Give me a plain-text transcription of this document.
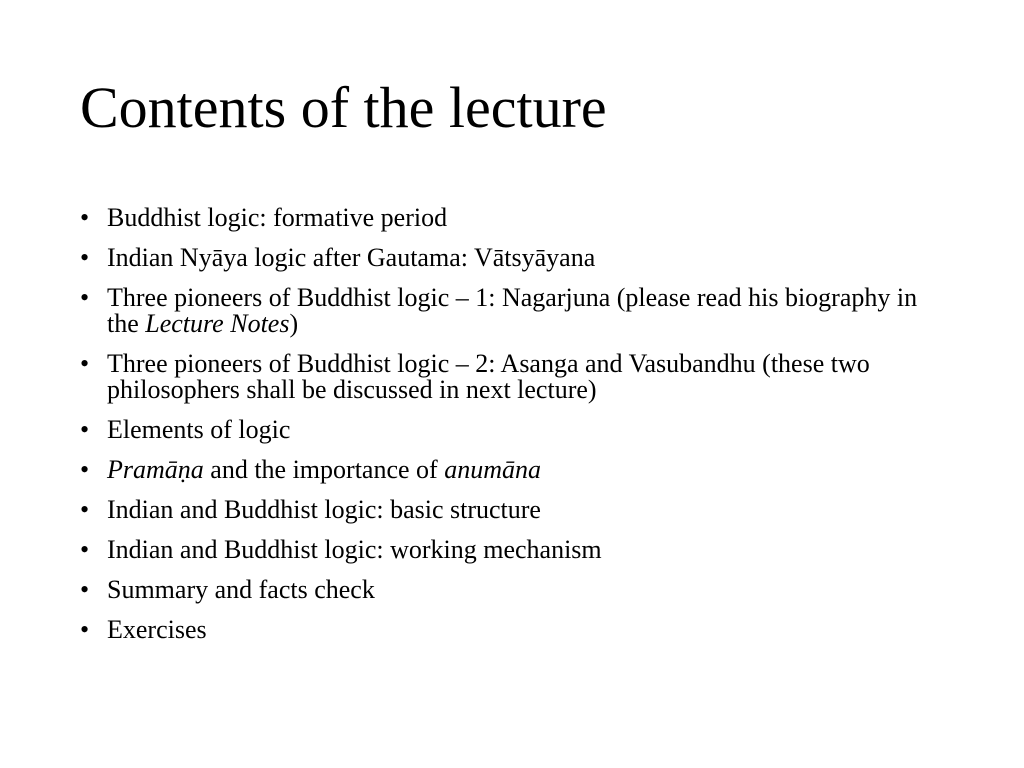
Contents of the lecture
• Buddhist logic: formative period
• Indian Nyāya logic after Gautama: Vātsyāyana
• Three pioneers of Buddhist logic – 1: Nagarjuna (please read his biography in the Lecture Notes)
• Three pioneers of Buddhist logic – 2: Asanga and Vasubandhu (these two philosophers shall be discussed in next lecture)
• Elements of logic
• Pramāṇa and the importance of anumāna
• Indian and Buddhist logic: basic structure
• Indian and Buddhist logic: working mechanism
• Summary and facts check
• Exercises
